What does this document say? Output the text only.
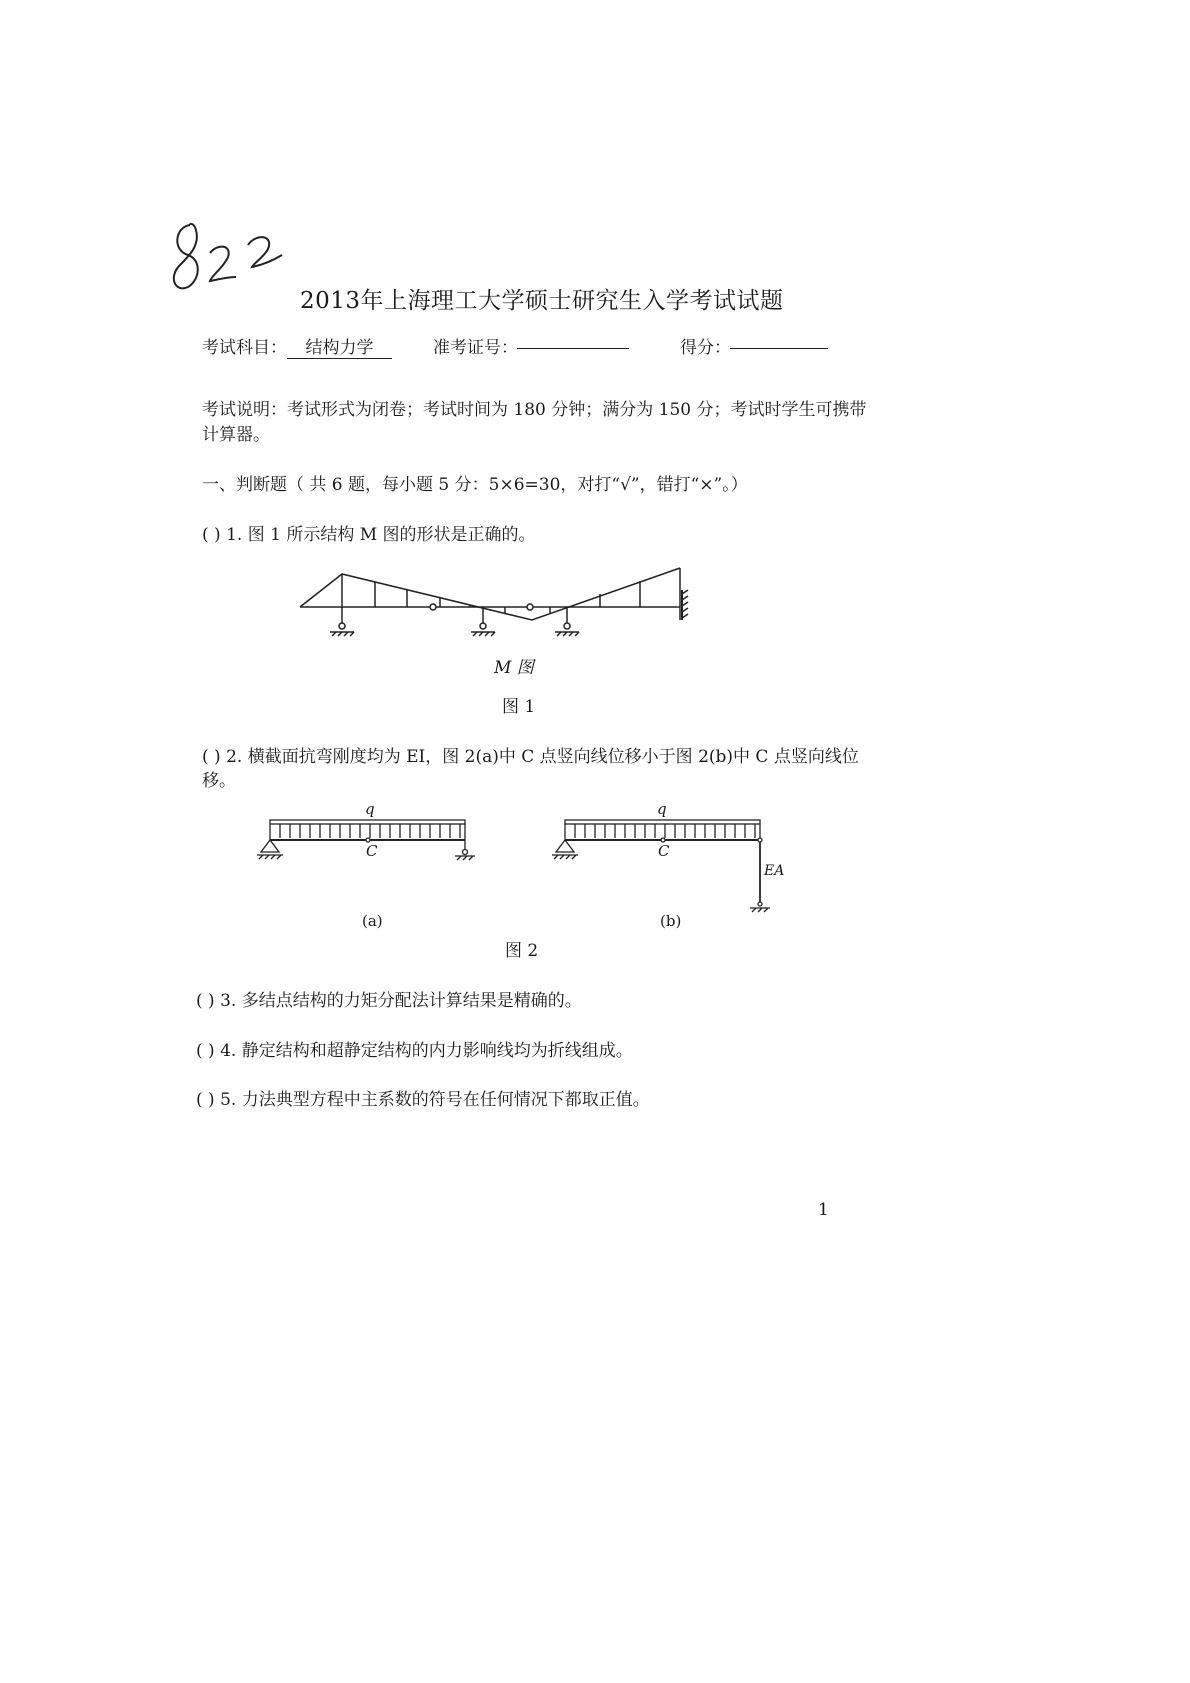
2013年上海理工大学硕士研究生入学考试试题
考试科目：	结构力学	准考证号：	得分：
考试说明：考试形式为闭卷；考试时间为 180 分钟；满分为 150 分；考试时学生可携带
计算器。
一、判断题（ 共 6 题，每小题 5 分：5×6=30，对打“√”，错打“×”。）
( ) 1. 图 1 所示结构 M 图的形状是正确的。
M 图
图 1
( ) 2. 横截面抗弯刚度均为 EI，图 2(a)中 C 点竖向线位移小于图 2(b)中 C 点竖向线位
移。
q
C
(a)
q
C
EA
(b)
图 2
( ) 3. 多结点结构的力矩分配法计算结果是精确的。
( ) 4. 静定结构和超静定结构的内力影响线均为折线组成。
( ) 5. 力法典型方程中主系数的符号在任何情况下都取正值。
1
